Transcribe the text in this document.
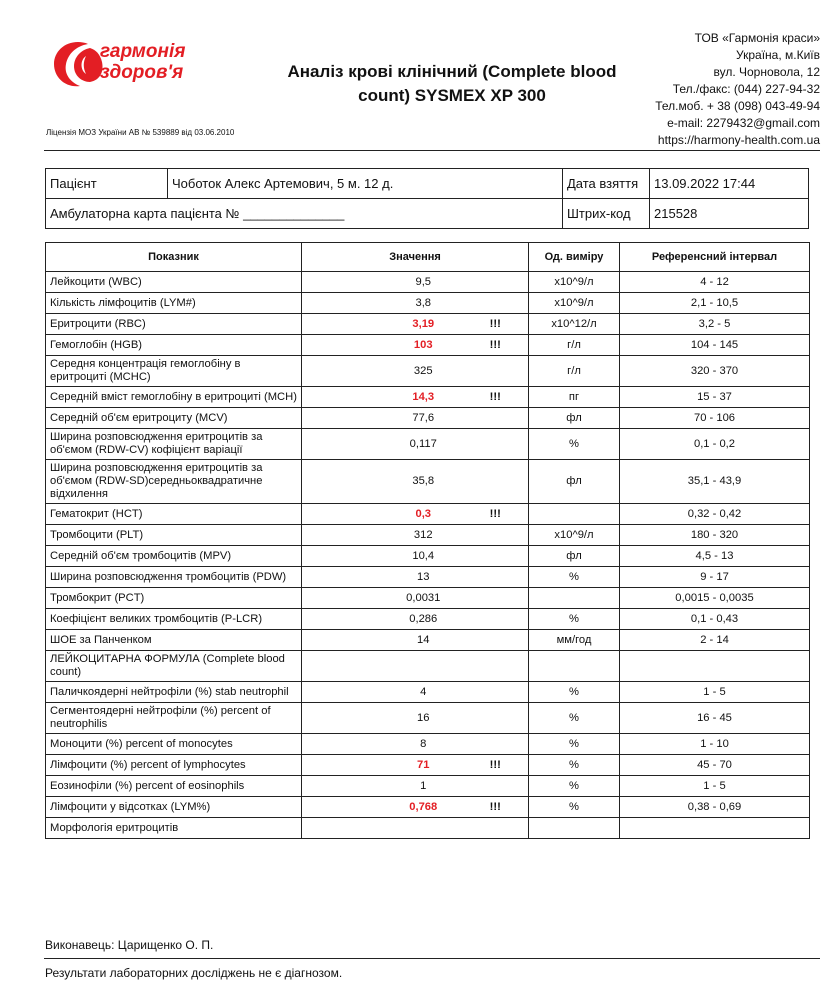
гармонія
здоров'я
Ліцензія МОЗ України АВ № 539889 від 03.06.2010
Аналіз крові клінічний (Complete blood count) SYSMEX XP 300
ТОВ «Гармонія краси»
Україна, м.Київ
вул. Чорновола, 12
Тел./факс: (044) 227-94-32
Тел.моб. + 38 (098) 043-49-94
e-mail: 2279432@gmail.com
https://harmony-health.com.ua
Пацієнт	Чоботок Алекс Артемович, 5 м. 12 д.	Дата взяття	13.09.2022 17:44
Амбулаторна карта пацієнта № ______________		Штрих-код	215528
Показник	Значення		Од. виміру	Референсний інтервал
Лейкоцити (WBC)	9,5		x10^9/л	4 - 12
Кількість лімфоцитів (LYM#)	3,8		x10^9/л	2,1 - 10,5
Еритроцити (RBC)	3,19	!!!	x10^12/л	3,2 - 5
Гемоглобін (HGB)	103	!!!	г/л	104 - 145
Середня концентрація гемоглобіну в еритроциті (MCHC)	325		г/л	320 - 370
Середній вміст гемоглобіну в еритроциті (MCH)	14,3	!!!	пг	15 - 37
Середній об'єм еритроциту (MCV)	77,6		фл	70 - 106
Ширина розповсюдження еритроцитів за об'ємом (RDW-CV) кофіцієнт варіації	0,117		%	0,1 - 0,2
Ширина розповсюдження еритроцитів за об'ємом (RDW-SD)середньоквадратичне відхилення	35,8		фл	35,1 - 43,9
Гематокрит (HCT)	0,3	!!!		0,32 - 0,42
Тромбоцити (PLT)	312		x10^9/л	180 - 320
Середній об'єм тромбоцитів (MPV)	10,4		фл	4,5 - 13
Ширина розповсюдження тромбоцитів (PDW)	13		%	9 - 17
Тромбокрит (PCT)	0,0031			0,0015 - 0,0035
Коефіцієнт великих тромбоцитів (P-LCR)	0,286		%	0,1 - 0,43
ШОЕ за Панченком	14		мм/год	2 - 14
ЛЕЙКОЦИТАРНА ФОРМУЛА (Complete blood count)				
Паличкоядерні нейтрофіли (%) stab neutrophil	4		%	1 - 5
Сегментоядерні нейтрофіли (%) percent of neutrophilis	16		%	16 - 45
Моноцити (%) percent of monocytes	8		%	1 - 10
Лімфоцити (%) percent of lymphocytes	71	!!!	%	45 - 70
Еозинофіли (%) percent of eosinophils	1		%	1 - 5
Лімфоцити у відсотках (LYM%)	0,768	!!!	%	0,38 - 0,69
Морфологія еритроцитів				
Виконавець: Царищенко О. П.
Результати лабораторних досліджень не є діагнозом.
